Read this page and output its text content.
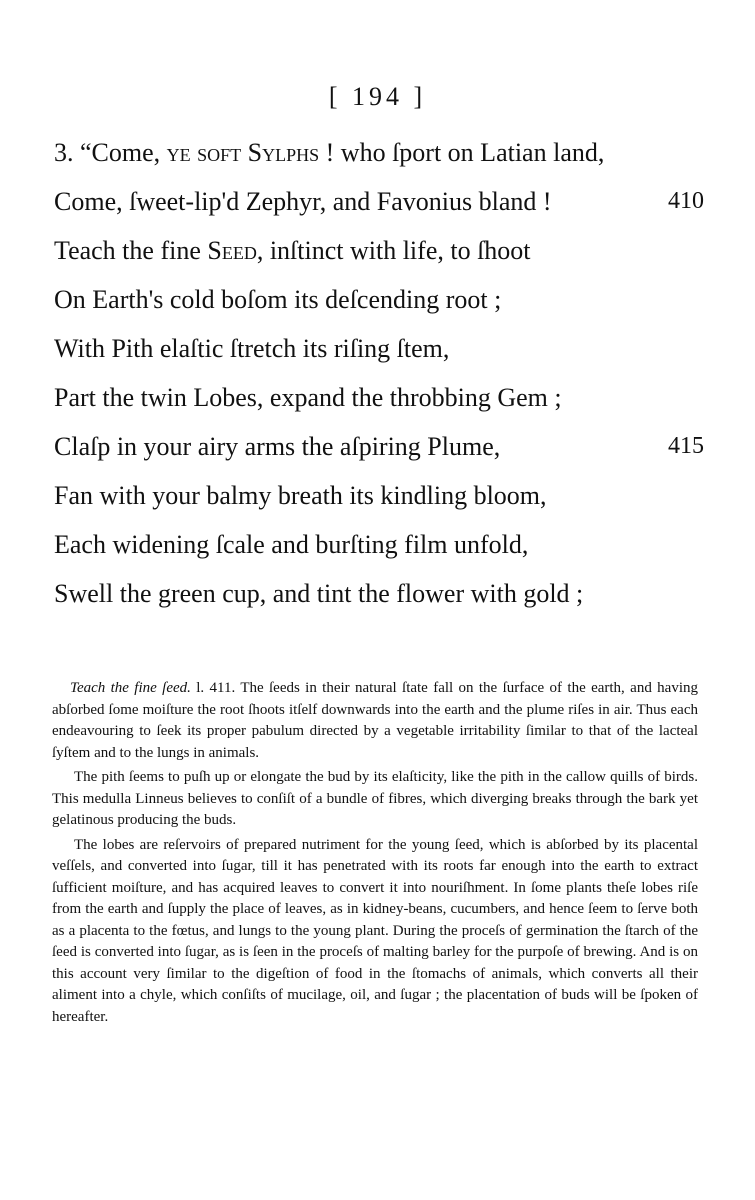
[ 194 ]
3. “Come, ye soft Sylphs ! who ſport on Latian land,
Come, ſweet-lip'd Zephyr, and Favonius bland !	410
Teach the fine Seed, inſtinct with life, to ſhoot
On Earth's cold boſom its deſcending root ;
With Pith elaſtic ſtretch its riſing ſtem,
Part the twin Lobes, expand the throbbing Gem ;
Claſp in your airy arms the aſpiring Plume,	415
Fan with your balmy breath its kindling bloom,
Each widening ſcale and burſting film unfold,
Swell the green cup, and tint the flower with gold ;

Teach the fine ſeed. l. 411. The ſeeds in their natural ſtate fall on the ſurface of the earth, and having abſorbed ſome moiſture the root ſhoots itſelf downwards into the earth and the plume riſes in air. Thus each endeavouring to ſeek its proper pabulum directed by a vegetable irritability ſimilar to that of the lacteal ſyſtem and to the lungs in animals.

The pith ſeems to puſh up or elongate the bud by its elaſticity, like the pith in the callow quills of birds. This medulla Linneus believes to conſiſt of a bundle of fibres, which diverging breaks through the bark yet gelatinous producing the buds.

The lobes are reſervoirs of prepared nutriment for the young ſeed, which is abſorbed by its placental veſſels, and converted into ſugar, till it has penetrated with its roots far enough into the earth to extract ſufficient moiſture, and has acquired leaves to convert it into nouriſhment. In ſome plants theſe lobes riſe from the earth and ſupply the place of leaves, as in kidney-beans, cucumbers, and hence ſeem to ſerve both as a placenta to the fœtus, and lungs to the young plant. During the proceſs of germination the ſtarch of the ſeed is converted into ſugar, as is ſeen in the proceſs of malting barley for the purpoſe of brewing. And is on this account very ſimilar to the digeſtion of food in the ſtomachs of animals, which converts all their aliment into a chyle, which conſiſts of mucilage, oil, and ſugar ; the placentation of buds will be ſpoken of hereafter.
